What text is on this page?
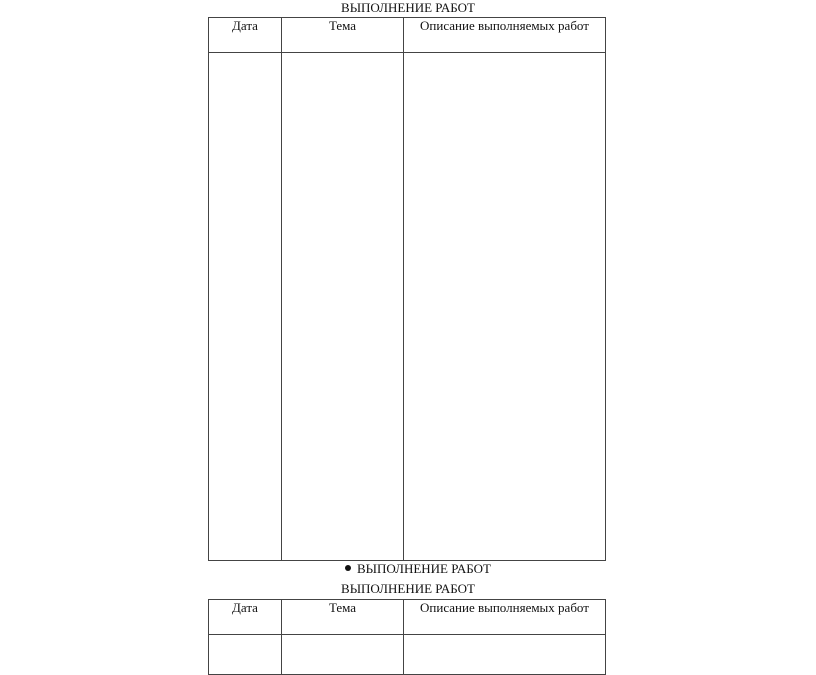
ВЫПОЛНЕНИЕ РАБОТ
Дата	Тема	Описание выполняемых работ

ВЫПОЛНЕНИЕ РАБОТ
ВЫПОЛНЕНИЕ РАБОТ
Дата	Тема	Описание выполняемых работ
